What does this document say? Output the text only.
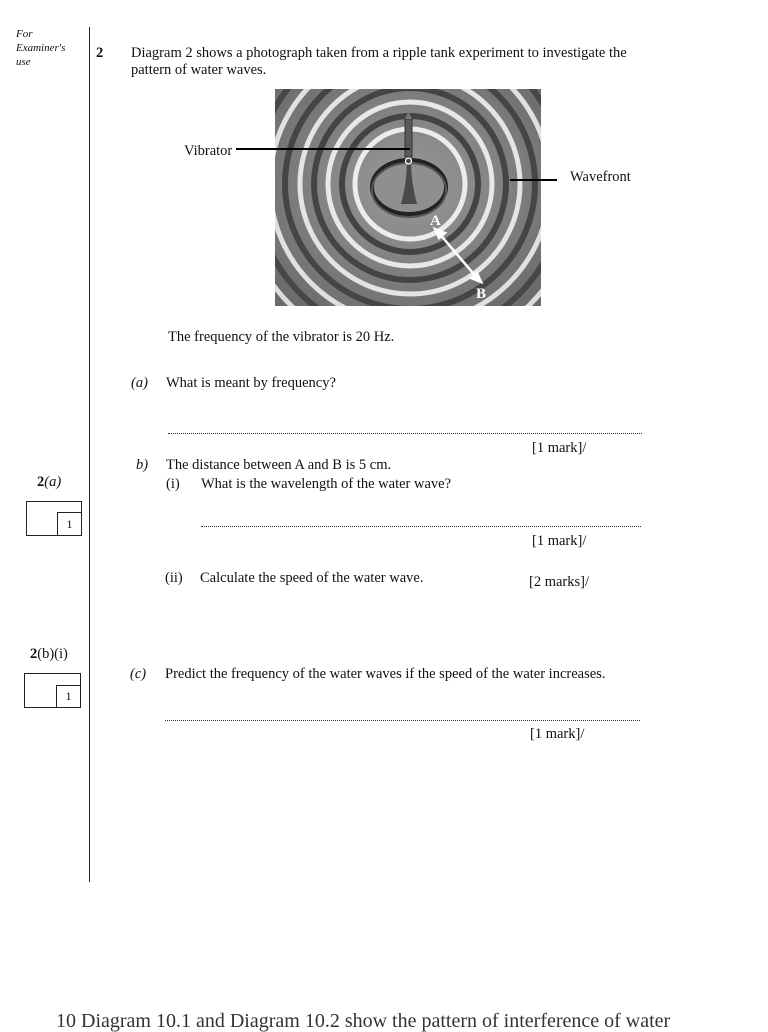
For
Examiner's
use
2 Diagram 2 shows a photograph taken from a ripple tank experiment to investigate the
pattern of water waves.
A
B
Vibrator
Wavefront
The frequency of the vibrator is 20 Hz.
(a) What is meant by frequency?
[1 mark]/
b) The distance between A and B is 5 cm.
(i) What is the wavelength of the water wave?
[1 mark]/
(ii) Calculate the speed of the water wave.	[2 marks]/
(c) Predict the frequency of the water waves if the speed of the water increases.
[1 mark]/
2(a)
1
2(b)(i)
1
10 Diagram 10.1 and Diagram 10.2 show the pattern of interference of water
